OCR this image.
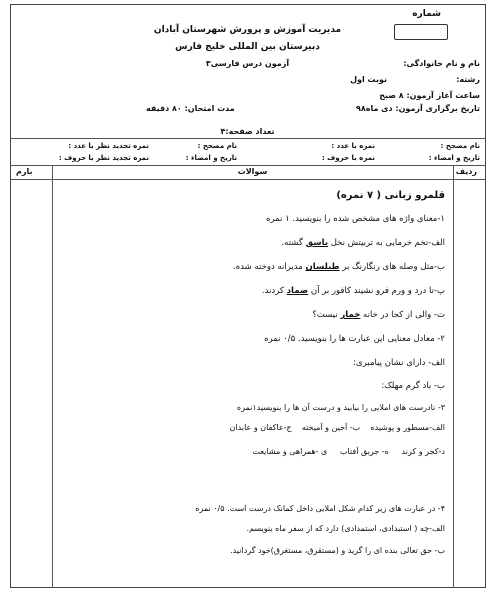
شماره
مدیریت آموزش و پرورش شهرستان آبادان
دبیرستان بین المللی خلیج فارس
آزمون درس فارسی۳	نام و نام خانوادگی:
رشته:
نوبت اول
ساعت آغاز آزمون: ۸ صبح
تاریخ برگزاری آزمون: دی ماه۹۸
مدت امتحان: ۸۰ دقیقه
تعداد صفحه:۴
نام مصحح :
تاریخ و امضاء :
نمره با عدد :
نمره با حروف :
نام مصحح :
تاریخ و امضاء :
نمره تجدید نظر با عدد :
نمره تجدید نظر با حروف :
ردیف
سوالات
بارم
قلمرو زبانی ( ۷ نمره)
۱-معنای واژه های مشخص شده را بنویسید. ۱ نمره
الف-تخم خرمایی به تربیتش نخل باسق گشته.
ب-مثل وصله های رنگارنگ بر طیلسان مدیرانه دوخته شده.
پ-تا درد و ورم فرو نشیند کافور بر آن ضماد کردند.
ت- والی از کجا در خانه خمار نیست؟
۲- معادل معنایی این عبارت ها را بنویسید. ۰/۵ نمره
الف- دارای نشان پیامبری:
ب- باد گرم مهلک:
۳- نادرست های املایی را بیابید و درست آن ها را بنویسید۱نمره
الف-مسطور و پوشیده    ب- آجین و آمیخته    ج-عاکفان و عابدان
د-کجر و کرند     ه- جریق آفتاب     ی -همراهی و مشایعت
۴- در عبارت های زیر کدام شکل املایی داخل کمانک درست است. ۰/۵ نمره
الف-چه ( استبدادی، استمدادی) دارد که از سفر ماه بنویسم.
ب- حق تعالی بنده ای را گزید و (مستقرق، مستغرق)خود گردانید.
